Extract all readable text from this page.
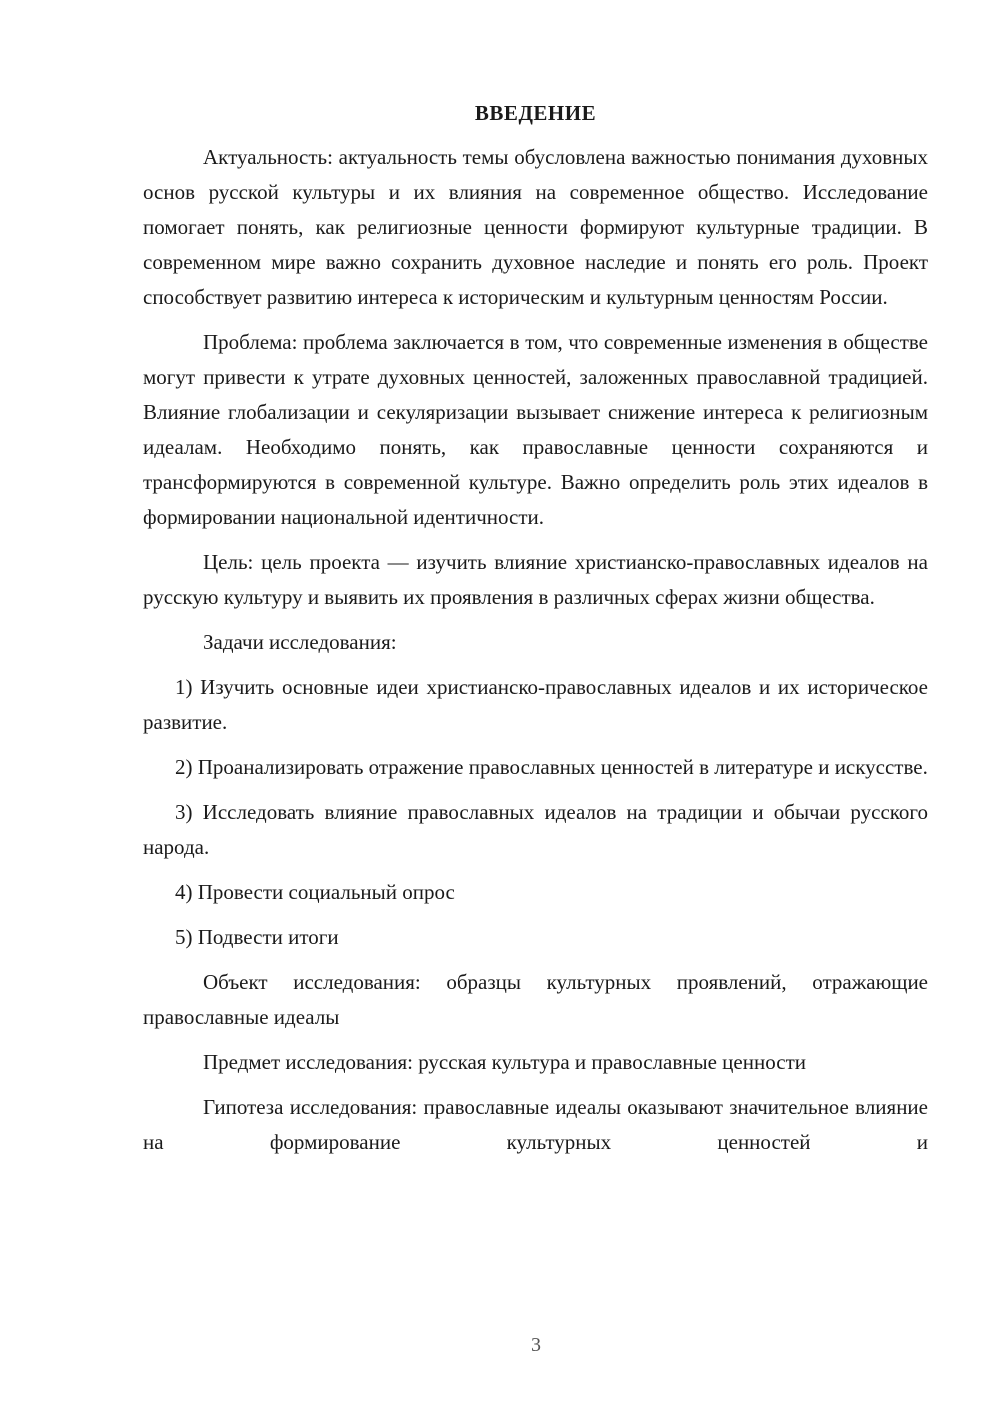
ВВЕДЕНИЕ

Актуальность: актуальность темы обусловлена важностью понимания духовных основ русской культуры и их влияния на современное общество. Исследование помогает понять, как религиозные ценности формируют культурные традиции. В современном мире важно сохранить духовное наследие и понять его роль. Проект способствует развитию интереса к историческим и культурным ценностям России.

Проблема: проблема заключается в том, что современные изменения в обществе могут привести к утрате духовных ценностей, заложенных православной традицией. Влияние глобализации и секуляризации вызывает снижение интереса к религиозным идеалам. Необходимо понять, как православные ценности сохраняются и трансформируются в современной культуре. Важно определить роль этих идеалов в формировании национальной идентичности.

Цель: цель проекта — изучить влияние христианско-православных идеалов на русскую культуру и выявить их проявления в различных сферах жизни общества.

Задачи исследования:

1) Изучить основные идеи христианско-православных идеалов и их историческое развитие.

2) Проанализировать отражение православных ценностей в литературе и искусстве.

3) Исследовать влияние православных идеалов на традиции и обычаи русского народа.

4) Провести социальный опрос

5) Подвести итоги

Объект исследования: образцы культурных проявлений, отражающие православные идеалы

Предмет исследования: русская культура и православные ценности

Гипотеза исследования: православные идеалы оказывают значительное влияние на формирование культурных ценностей и

3
